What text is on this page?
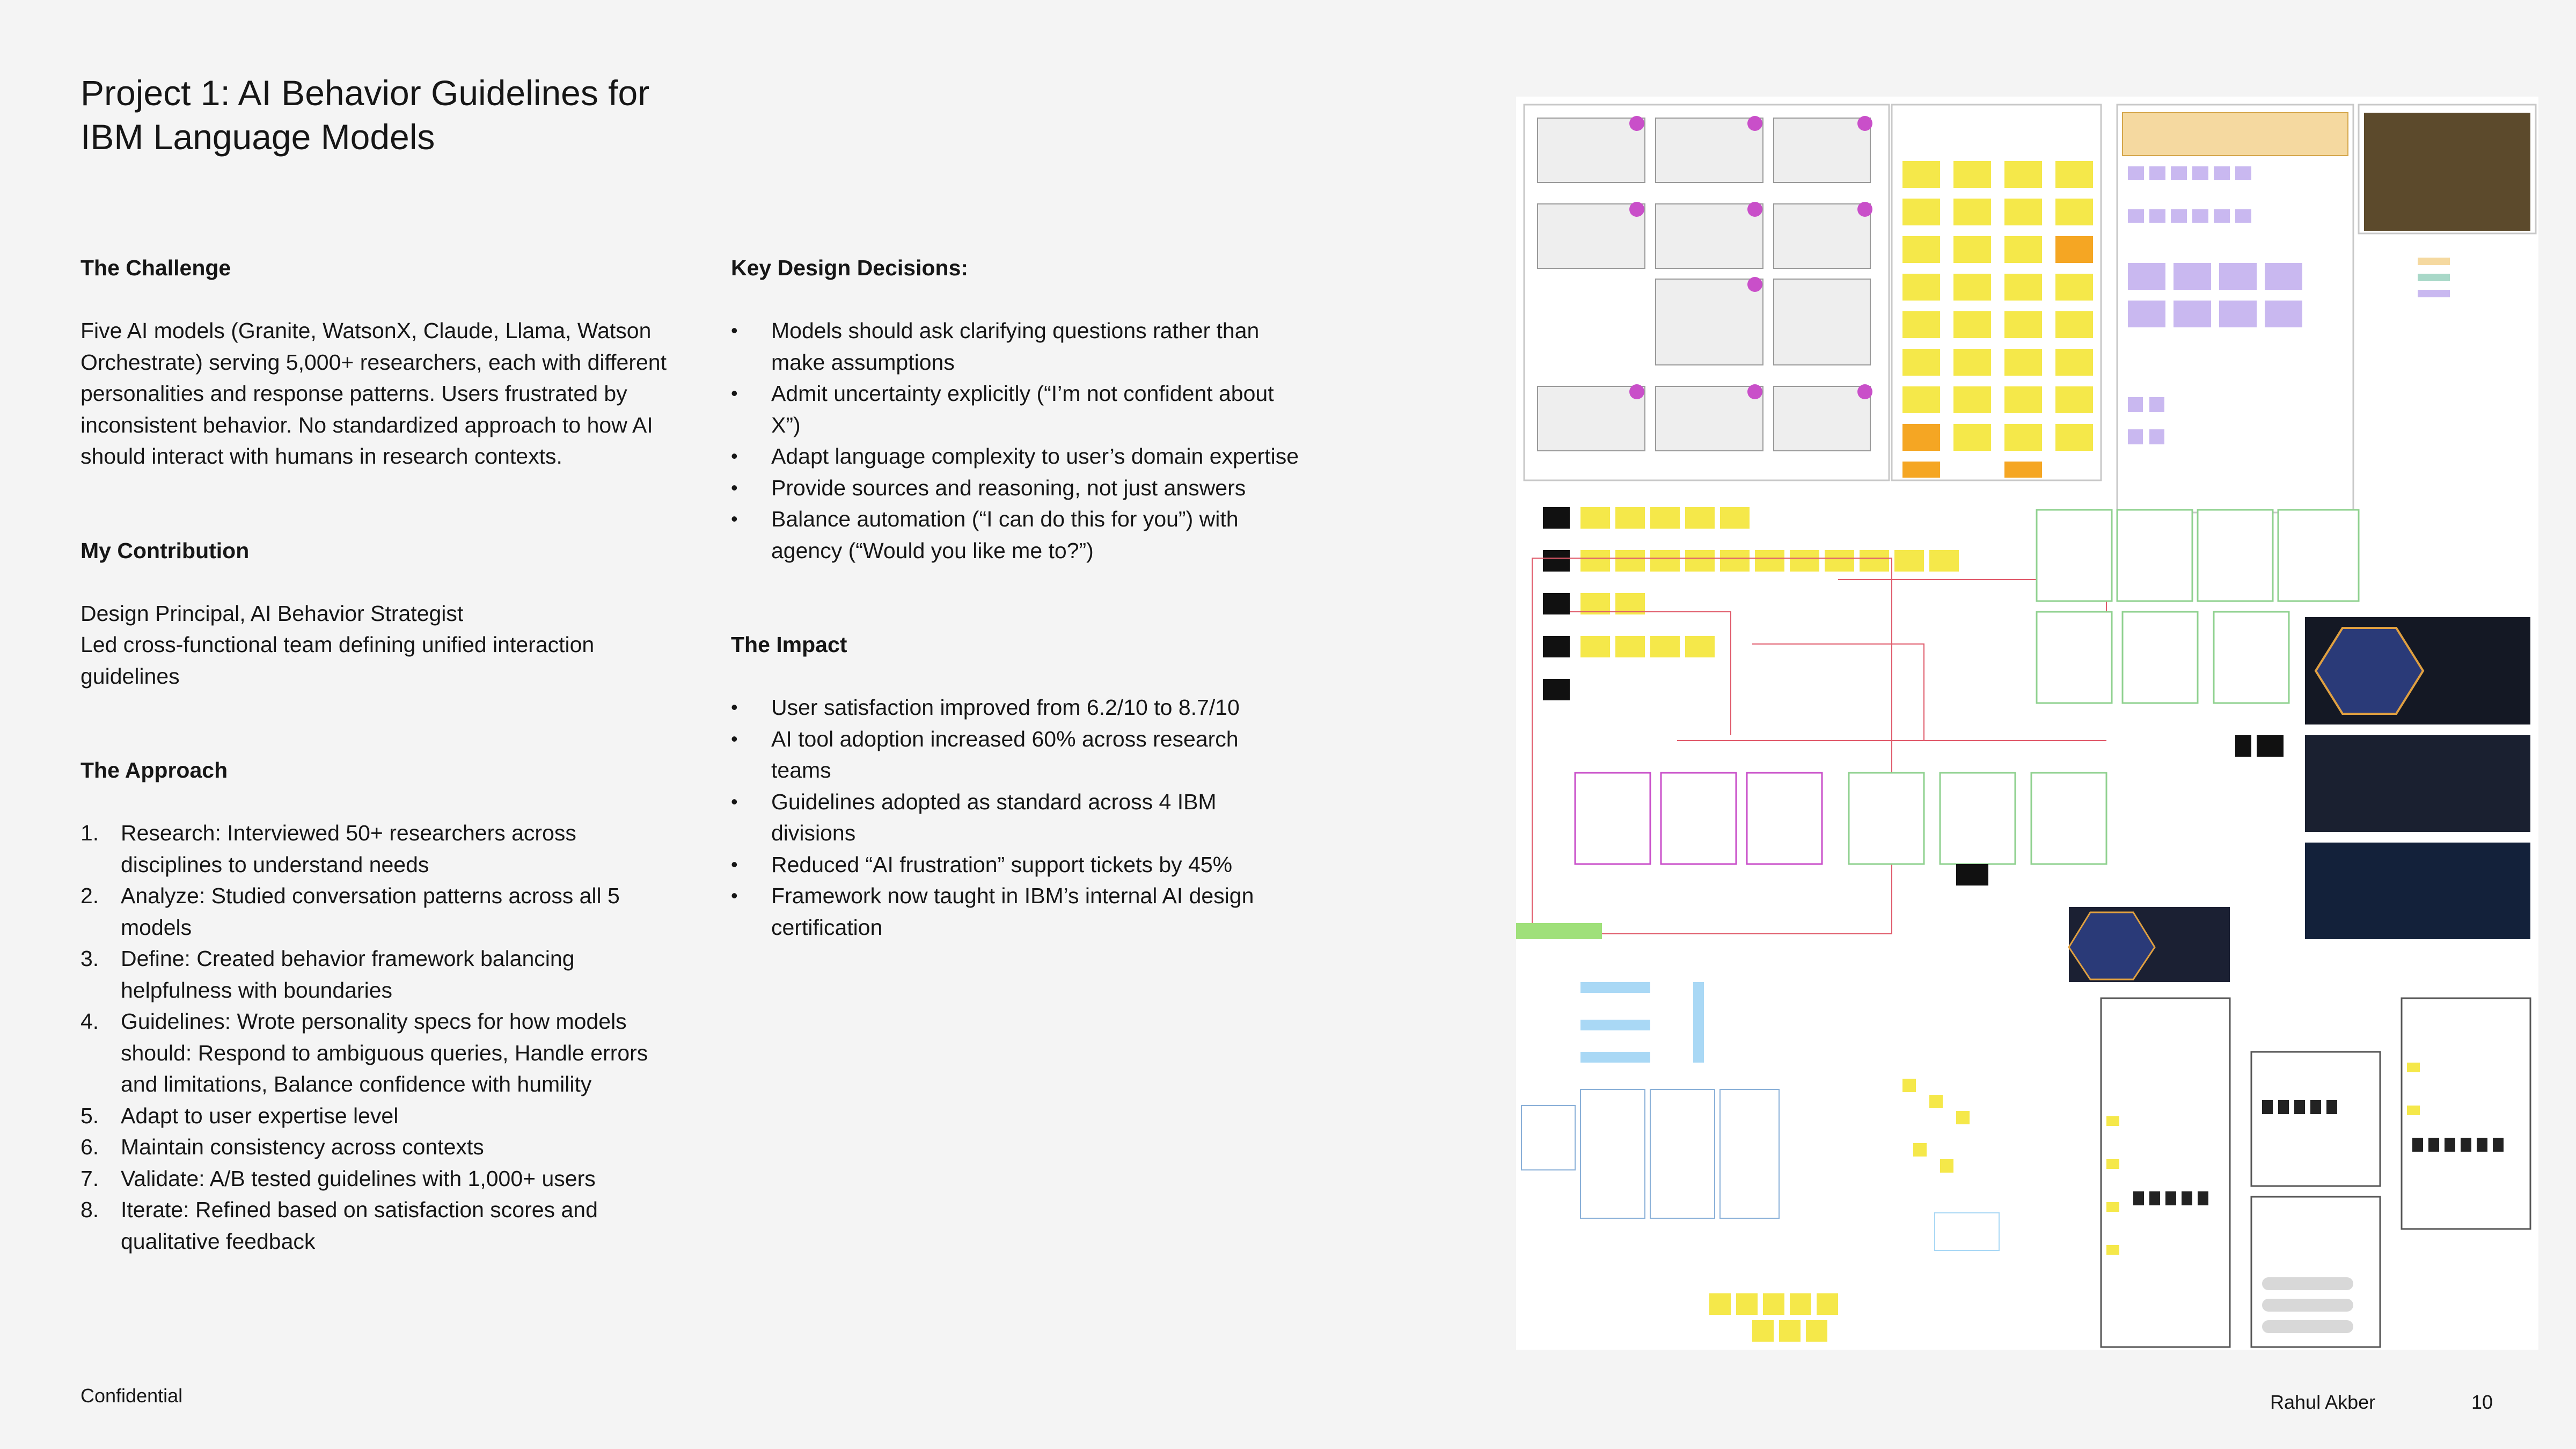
Project 1: AI Behavior Guidelines for IBM Language Models
The Challenge

Five AI models (Granite, WatsonX, Claude, Llama, Watson Orchestrate) serving 5,000+ researchers, each with different personalities and response patterns. Users frustrated by inconsistent behavior. No standardized approach to how AI should interact with humans in research contexts.

My Contribution

Design Principal, AI Behavior Strategist

Led cross-functional team defining unified interaction guidelines

The Approach
1. Research: Interviewed 50+ researchers across disciplines to understand needs
2. Analyze: Studied conversation patterns across all 5 models
3. Define: Created behavior framework balancing helpfulness with boundaries
4. Guidelines: Wrote personality specs for how models should: Respond to ambiguous queries, Handle errors and limitations, Balance confidence with humility
5. Adapt to user expertise level
6. Maintain consistency across contexts
7. Validate: A/B tested guidelines with 1,000+ users
8. Iterate: Refined based on satisfaction scores and qualitative feedback
Key Design Decisions:
• Models should ask clarifying questions rather than make assumptions
• Admit uncertainty explicitly (“I’m not confident about X”)
• Adapt language complexity to user’s domain expertise
• Provide sources and reasoning, not just answers
• Balance automation (“I can do this for you”) with agency (“Would you like me to?”)
The Impact
• User satisfaction improved from 6.2/10 to 8.7/10
• AI tool adoption increased 60% across research teams
• Guidelines adopted as standard across 4 IBM divisions
• Reduced “AI frustration” support tickets by 45%
• Framework now taught in IBM’s internal AI design certification
Confidential	Rahul Akber	10
